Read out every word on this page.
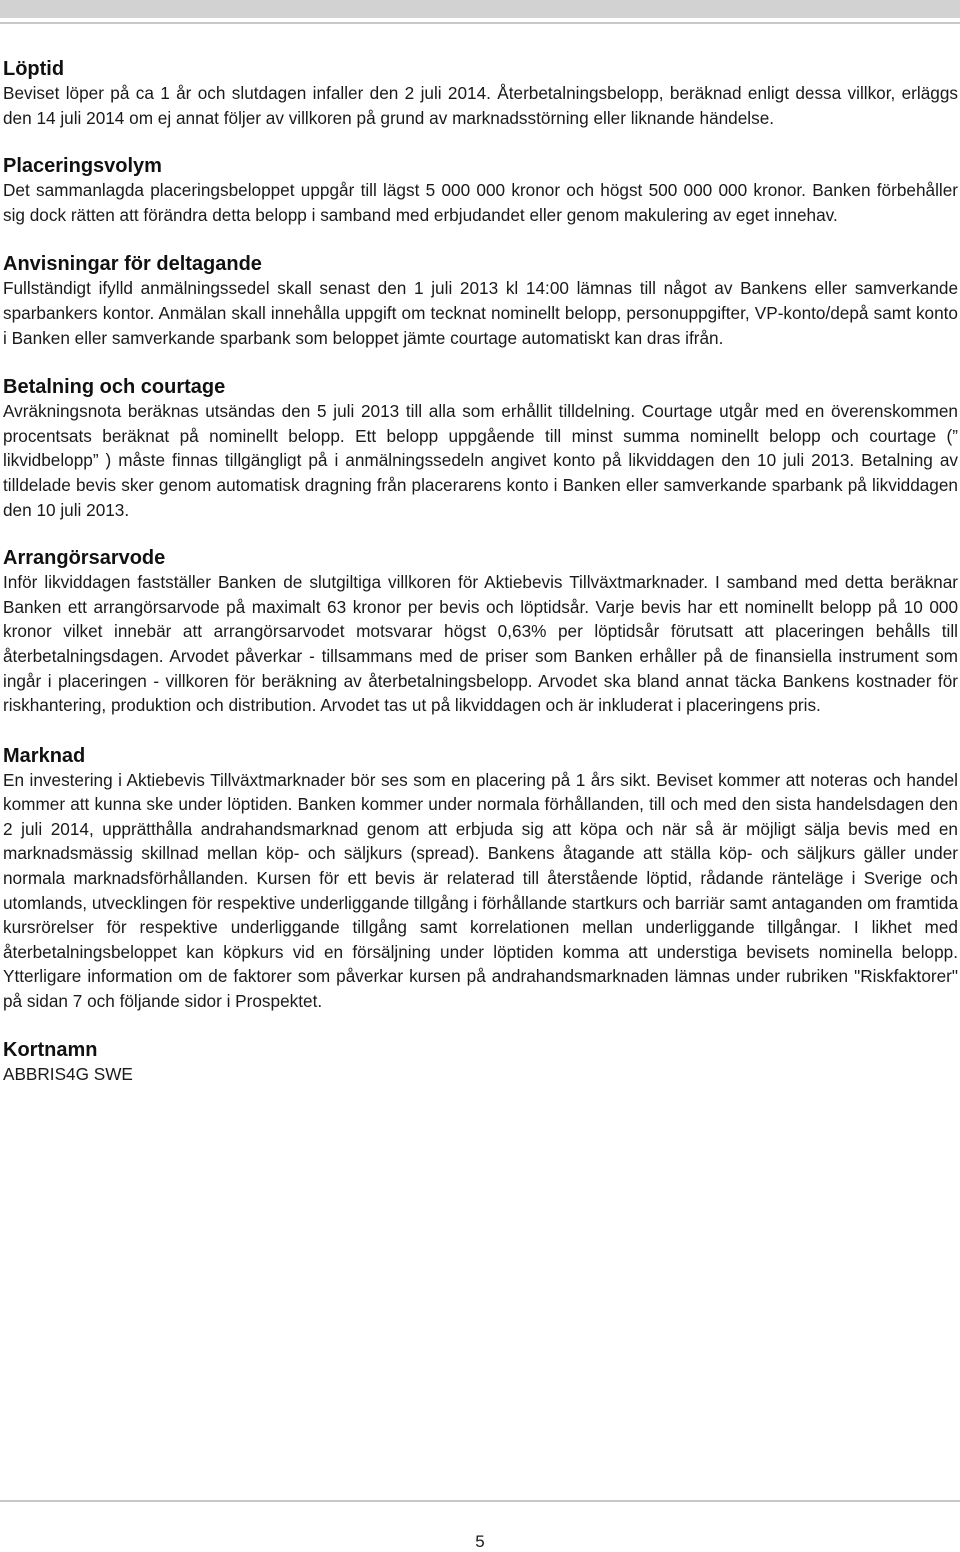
Löptid

Beviset löper på ca 1 år och slutdagen infaller den 2 juli 2014. Återbetalningsbelopp, beräknad enligt dessa villkor, erläggs den 14 juli 2014 om ej annat följer av villkoren på grund av marknadsstörning eller liknande händelse.

Placeringsvolym

Det sammanlagda placeringsbeloppet uppgår till lägst 5 000 000 kronor och högst 500 000 000 kronor. Banken förbehåller sig dock rätten att förändra detta belopp i samband med erbjudandet eller genom makulering av eget innehav.

Anvisningar för deltagande

Fullständigt ifylld anmälningssedel skall senast den 1 juli 2013 kl 14:00 lämnas till något av Bankens eller samverkande sparbankers kontor. Anmälan skall innehålla uppgift om tecknat nominellt belopp, personuppgifter, VP-konto/depå samt konto i Banken eller samverkande sparbank som beloppet jämte courtage automatiskt kan dras ifrån.

Betalning och courtage

Avräkningsnota beräknas utsändas den 5 juli 2013 till alla som erhållit tilldelning. Courtage utgår med en överenskommen procentsats beräknat på nominellt belopp. Ett belopp uppgående till minst summa nominellt belopp och courtage (” likvidbelopp” ) måste finnas tillgängligt på i anmälningssedeln angivet konto på likviddagen den 10 juli 2013. Betalning av tilldelade bevis sker genom automatisk dragning från placerarens konto i Banken eller samverkande sparbank på likviddagen den 10 juli 2013.

Arrangörsarvode

Inför likviddagen fastställer Banken de slutgiltiga villkoren för Aktiebevis Tillväxtmarknader. I samband med detta beräknar Banken ett arrangörsarvode på maximalt 63 kronor per bevis och löptidsår. Varje bevis har ett nominellt belopp på 10 000 kronor vilket innebär att arrangörsarvodet motsvarar högst 0,63% per löptidsår förutsatt att placeringen behålls till återbetalningsdagen. Arvodet påverkar - tillsammans med de priser som Banken erhåller på de finansiella instrument som ingår i placeringen - villkoren för beräkning av återbetalningsbelopp. Arvodet ska bland annat täcka Bankens kostnader för riskhantering, produktion och distribution. Arvodet tas ut på likviddagen och är inkluderat i placeringens pris.

Marknad

En investering i Aktiebevis Tillväxtmarknader bör ses som en placering på 1 års sikt. Beviset kommer att noteras och handel kommer att kunna ske under löptiden. Banken kommer under normala förhållanden, till och med den sista handelsdagen den 2 juli 2014, upprätthålla andrahandsmarknad genom att erbjuda sig att köpa och när så är möjligt sälja bevis med en marknadsmässig skillnad mellan köp- och säljkurs (spread). Bankens åtagande att ställa köp- och säljkurs gäller under normala marknadsförhållanden. Kursen för ett bevis är relaterad till återstående löptid, rådande ränteläge i Sverige och utomlands, utvecklingen för respektive underliggande tillgång i förhållande startkurs och barriär samt antaganden om framtida kursrörelser för respektive underliggande tillgång samt korrelationen mellan underliggande tillgångar. I likhet med återbetalningsbeloppet kan köpkurs vid en försäljning under löptiden komma att understiga bevisets nominella belopp. Ytterligare information om de faktorer som påverkar kursen på andrahandsmarknaden lämnas under rubriken "Riskfaktorer" på sidan 7 och följande sidor i Prospektet.

Kortnamn

ABBRIS4G SWE

5
